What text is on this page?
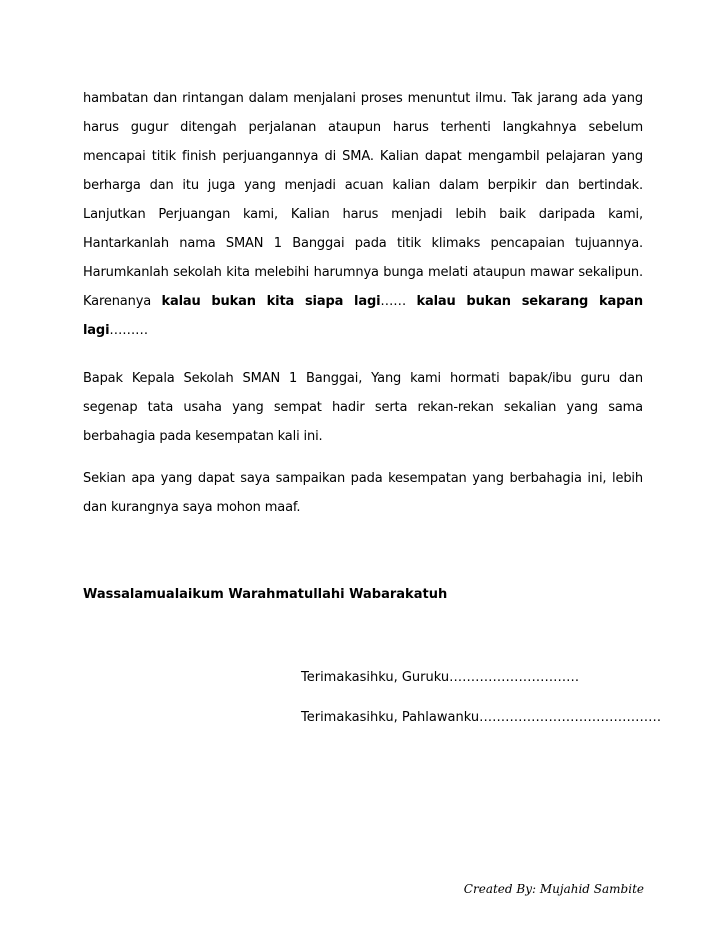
hambatan dan rintangan dalam menjalani proses menuntut ilmu. Tak jarang ada yang harus gugur ditengah perjalanan ataupun harus terhenti langkahnya sebelum mencapai titik finish perjuangannya di SMA. Kalian dapat mengambil pelajaran yang berharga dan itu juga yang menjadi acuan kalian dalam berpikir dan bertindak. Lanjutkan Perjuangan kami, Kalian harus menjadi lebih baik daripada kami, Hantarkanlah nama SMAN 1 Banggai pada titik klimaks pencapaian tujuannya. Harumkanlah sekolah kita melebihi harumnya bunga melati ataupun mawar sekalipun. Karenanya kalau bukan kita siapa lagi…… kalau bukan sekarang kapan lagi………

Bapak Kepala Sekolah SMAN 1 Banggai, Yang kami hormati bapak/ibu guru dan segenap tata usaha yang sempat hadir serta rekan-rekan sekalian yang sama berbahagia pada kesempatan kali ini.

Sekian apa yang dapat saya sampaikan pada kesempatan yang berbahagia ini, lebih dan kurangnya saya mohon maaf.

Wassalamualaikum Warahmatullahi Wabarakatuh
Terimakasihku, Guruku…………………………
Terimakasihku, Pahlawanku……………………………………
Created By: Mujahid Sambite
